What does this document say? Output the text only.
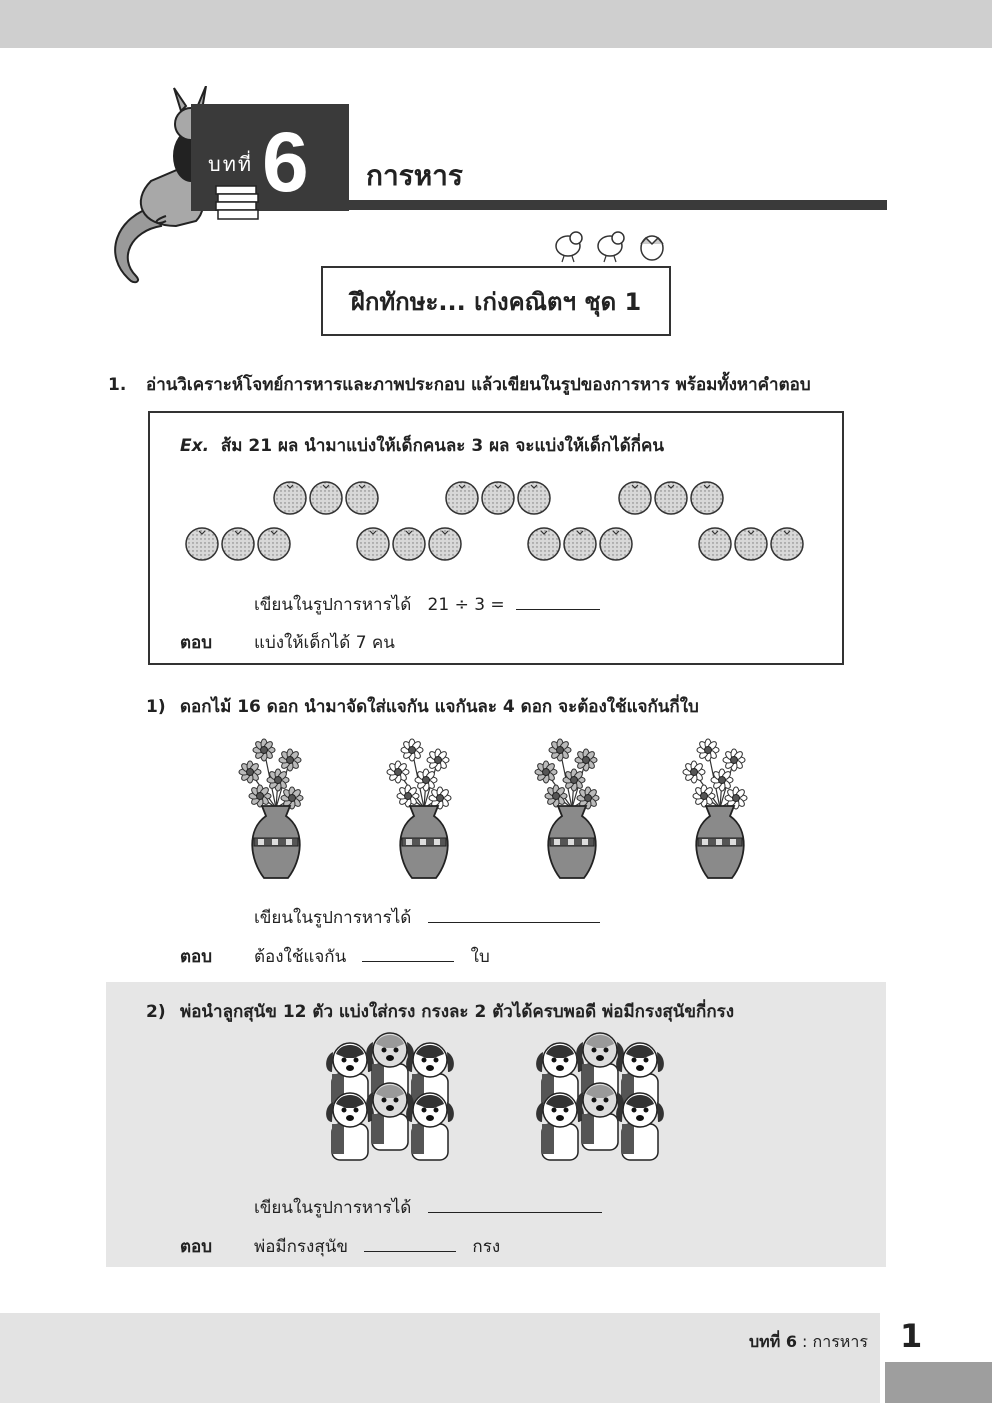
บทที่ 6 การหาร
ฝึกทักษะ... เก่งคณิตฯ ชุด 1
1. อ่านวิเคราะห์โจทย์การหารและภาพประกอบ แล้วเขียนในรูปของการหาร พร้อมทั้งหาคำตอบ
Ex. ส้ม 21 ผล นำมาแบ่งให้เด็กคนละ 3 ผล จะแบ่งให้เด็กได้กี่คน
เขียนในรูปการหารได้ 21 ÷ 3 =
ตอบ แบ่งให้เด็กได้ 7 คน
1) ดอกไม้ 16 ดอก นำมาจัดใส่แจกัน แจกันละ 4 ดอก จะต้องใช้แจกันกี่ใบ
เขียนในรูปการหารได้
ตอบ ต้องใช้แจกัน	ใบ
2) พ่อนำลูกสุนัข 12 ตัว แบ่งใส่กรง กรงละ 2 ตัวได้ครบพอดี พ่อมีกรงสุนัขกี่กรง
เขียนในรูปการหารได้
ตอบ พ่อมีกรงสุนัข	กรง
บทที่ 6 : การหาร 1
